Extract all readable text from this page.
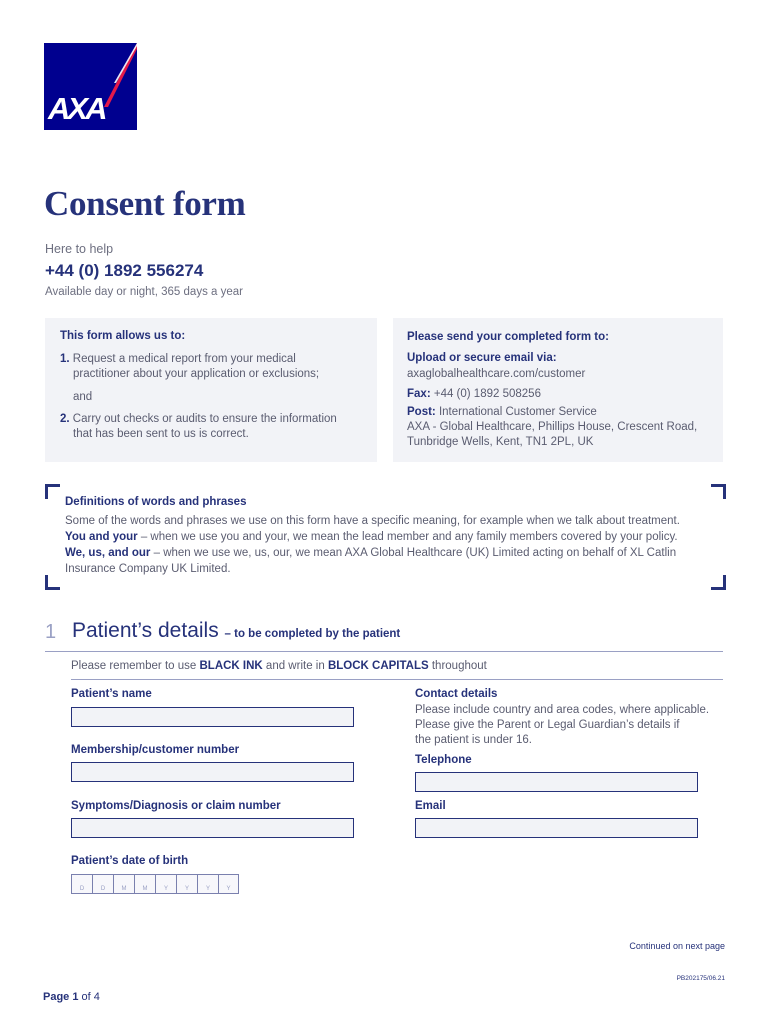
AXA
Consent form
Here to help
+44 (0) 1892 556274
Available day or night, 365 days a year
This form allows us to:
1. Request a medical report from your medical
practitioner about your application or exclusions;
and
2. Carry out checks or audits to ensure the information
that has been sent to us is correct.
Please send your completed form to:
Upload or secure email via:
axaglobalhealthcare.com/customer
Fax: +44 (0) 1892 508256
Post: International Customer Service
AXA - Global Healthcare, Phillips House, Crescent Road,
Tunbridge Wells, Kent, TN1 2PL, UK
Definitions of words and phrases
Some of the words and phrases we use on this form have a specific meaning, for example when we talk about treatment.
You and your – when we use you and your, we mean the lead member and any family members covered by your policy.
We, us, and our – when we use we, us, our, we mean AXA Global Healthcare (UK) Limited acting on behalf of XL Catlin
Insurance Company UK Limited.
1 Patient’s details – to be completed by the patient
Please remember to use BLACK INK and write in BLOCK CAPITALS throughout
Patient’s name
Membership/customer number
Symptoms/Diagnosis or claim number
Patient’s date of birth
D	D	M	M	Y	Y	Y	Y
Contact details
Please include country and area codes, where applicable.
Please give the Parent or Legal Guardian’s details if
the patient is under 16.
Telephone
Email
Continued on next page
PB202175/06.21
Page 1 of 4
